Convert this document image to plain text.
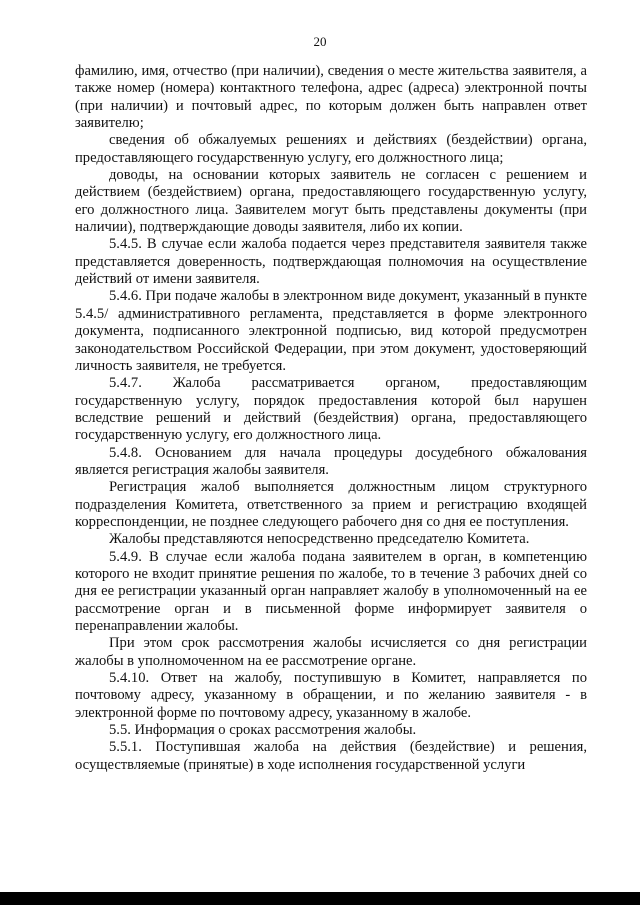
20

фамилию, имя, отчество (при наличии), сведения о месте жительства заявителя, а также номер (номера) контактного телефона, адрес (адреса) электронной почты (при наличии) и почтовый адрес, по которым должен быть направлен ответ заявителю;

сведения об обжалуемых решениях и действиях (бездействии) органа, предоставляющего государственную услугу, его должностного лица;

доводы, на основании которых заявитель не согласен с решением и действием (бездействием) органа, предоставляющего государственную услугу, его должностного лица. Заявителем могут быть представлены документы (при наличии), подтверждающие доводы заявителя, либо их копии.

5.4.5. В случае если жалоба подается через представителя заявителя также представляется доверенность, подтверждающая полномочия на осуществление действий от имени заявителя.

5.4.6. При подаче жалобы в электронном виде документ, указанный в пункте 5.4.5/ административного регламента, представляется в форме электронного документа, подписанного электронной подписью, вид которой предусмотрен законодательством Российской Федерации, при этом документ, удостоверяющий личность заявителя, не требуется.

5.4.7. Жалоба рассматривается органом, предоставляющим государственную услугу, порядок предоставления которой был нарушен вследствие решений и действий (бездействия) органа, предоставляющего государственную услугу, его должностного лица.

5.4.8. Основанием для начала процедуры досудебного обжалования является регистрация жалобы заявителя.

Регистрация жалоб выполняется должностным лицом структурного подразделения Комитета, ответственного за прием и регистрацию входящей корреспонденции, не позднее следующего рабочего дня со дня ее поступления.

Жалобы представляются непосредственно председателю Комитета.

5.4.9. В случае если жалоба подана заявителем в орган, в компетенцию которого не входит принятие решения по жалобе, то в течение 3 рабочих дней со дня ее регистрации указанный орган направляет жалобу в уполномоченный на ее рассмотрение орган и в письменной форме информирует заявителя о перенаправлении жалобы.

При этом срок рассмотрения жалобы исчисляется со дня регистрации жалобы в уполномоченном на ее рассмотрение органе.

5.4.10. Ответ на жалобу, поступившую в Комитет, направляется по почтовому адресу, указанному в обращении, и по желанию заявителя - в электронной форме по почтовому адресу, указанному в жалобе.

5.5. Информация о сроках рассмотрения жалобы.

5.5.1. Поступившая жалоба на действия (бездействие) и решения, осуществляемые (принятые) в ходе исполнения государственной услуги
